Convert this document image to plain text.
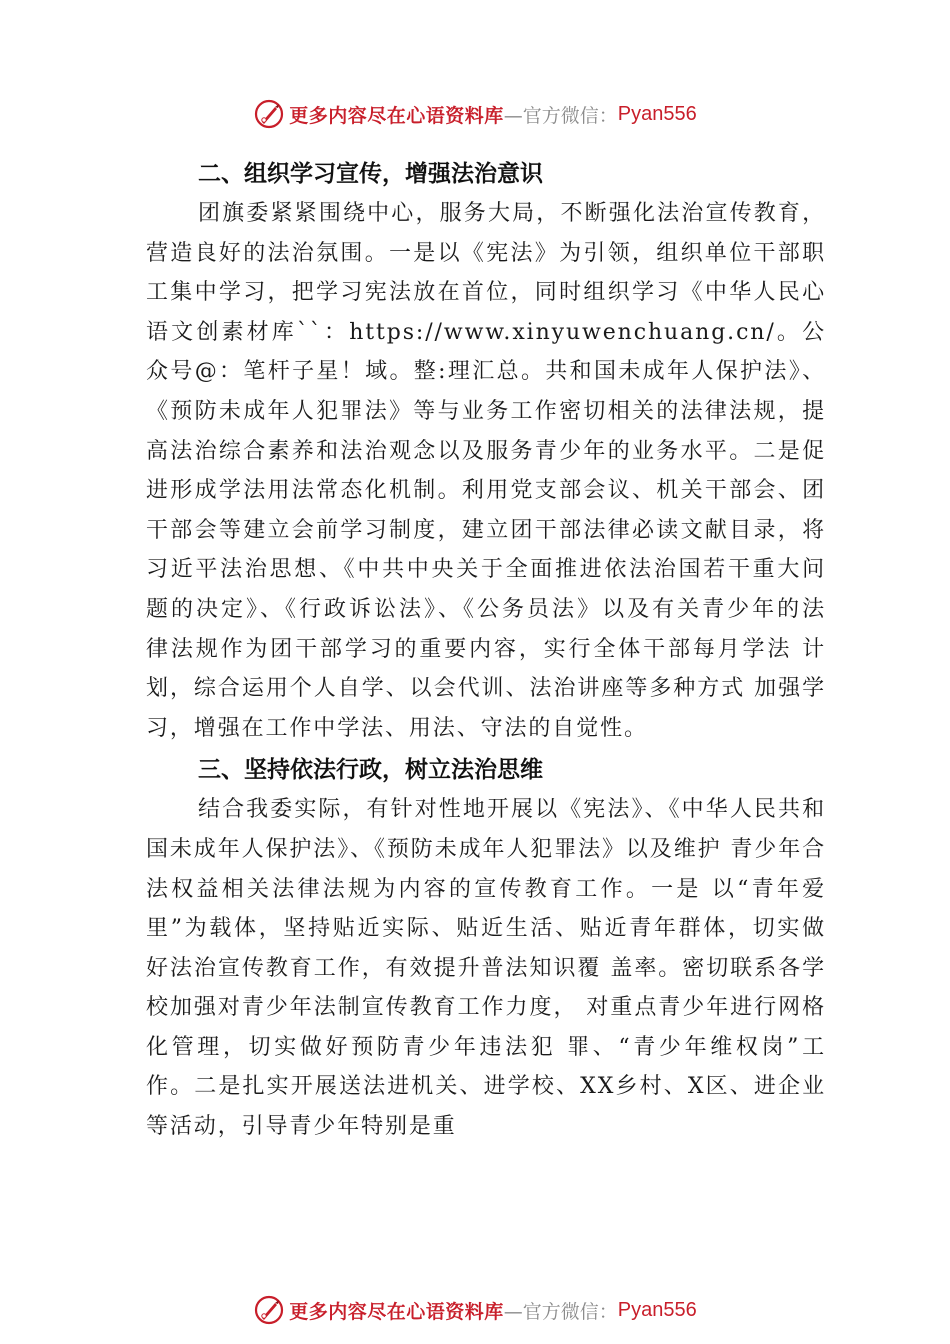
更多内容尽在心语资料库 —官方微信： Pyan556
二、组织学习宣传，增强法治意识

团旗委紧紧围绕中心，服务大局，不断强化法治宣传教育，营造良好的法治氛围。一是以《宪法》为引领，组织单位干部职工集中学习，把学习宪法放在首位，同时组织学习《中华人民心语文创素材库``：https://www.xinyuwenchuang.cn/。公众号@：笔杆子星！域。整:理汇总。共和国未成年人保护法》、《预防未成年人犯罪法》等与业务工作密切相关的法律法规，提高法治综合素养和法治观念以及服务青少年的业务水平。二是促进形成学法用法常态化机制。利用党支部会议、机关干部会、团干部会等建立会前学习制度，建立团干部法律必读文献目录，将习近平法治思想、《中共中央关于全面推进依法治国若干重大问题的决定》、《行政诉讼法》、《公务员法》以及有关青少年的法 律法规作为团干部学习的重要内容，实行全体干部每月学法 计划，综合运用个人自学、以会代训、法治讲座等多种方式 加强学习，增强在工作中学法、用法、守法的自觉性。

三、坚持依法行政，树立法治思维

结合我委实际，有针对性地开展以《宪法》、《中华人民共和国未成年人保护法》、《预防未成年人犯罪法》以及维护 青少年合法权益相关法律法规为内容的宣传教育工作。一是 以“青年爱里”为载体，坚持贴近实际、贴近生活、贴近青年群体，切实做好法治宣传教育工作，有效提升普法知识覆 盖率。密切联系各学校加强对青少年法制宣传教育工作力度， 对重点青少年进行网格化管理，切实做好预防青少年违法犯 罪、“青少年维权岗”工作。二是扎实开展送法进机关、进学校、XX乡村、X区、进企业等活动，引导青少年特别是重

更多内容尽在心语资料库 —官方微信： Pyan556
